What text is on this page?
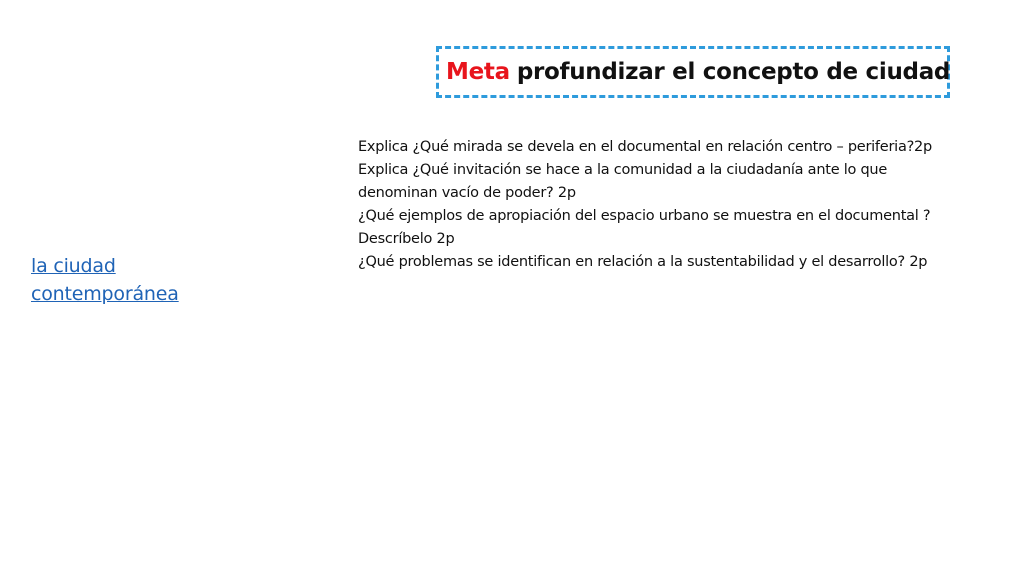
Meta profundizar el concepto de ciudad
la ciudad
contemporánea

Explica ¿Qué mirada se devela en el documental en relación centro – periferia?2p

Explica ¿Qué invitación se hace a la comunidad a la ciudadanía ante lo que denominan vacío de poder? 2p

¿Qué ejemplos de apropiación del espacio urbano se muestra en el documental ? Descríbelo 2p

¿Qué problemas se identifican en relación a la sustentabilidad y el desarrollo? 2p
